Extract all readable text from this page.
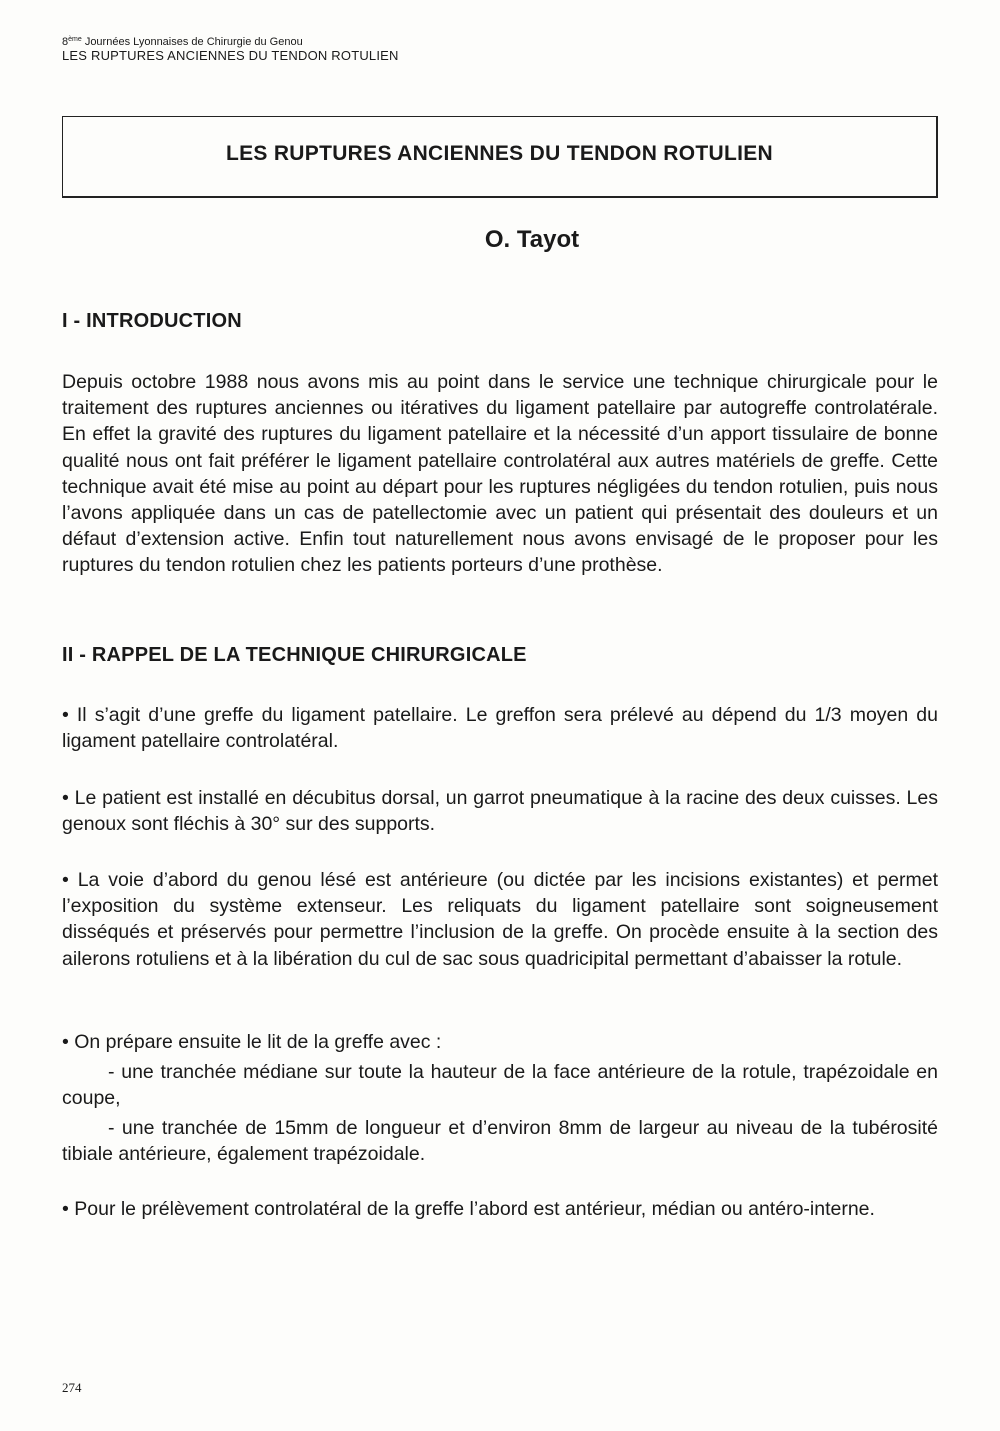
8ème Journées Lyonnaises de Chirurgie du Genou
LES RUPTURES ANCIENNES DU TENDON ROTULIEN
LES RUPTURES ANCIENNES DU TENDON ROTULIEN
O. Tayot
I - INTRODUCTION
Depuis octobre 1988 nous avons mis au point dans le service une technique chirurgicale pour le traitement des ruptures anciennes ou itératives du ligament patellaire par autogreffe controlatérale. En effet la gravité des ruptures du ligament patellaire et la nécessité d’un apport tissulaire de bonne qualité nous ont fait préférer le ligament patellaire controlatéral aux autres matériels de greffe. Cette technique avait été mise au point au départ pour les ruptures négligées du tendon rotulien, puis nous l’avons appliquée dans un cas de patellectomie avec un patient qui présentait des douleurs et un défaut d’extension active. Enfin tout naturellement nous avons envisagé de le proposer pour les ruptures du tendon rotulien chez les patients porteurs d’une prothèse.
II - RAPPEL DE LA TECHNIQUE CHIRURGICALE
• Il s’agit d’une greffe du ligament patellaire. Le greffon sera prélevé au dépend du 1/3 moyen du ligament patellaire controlatéral.
• Le patient est installé en décubitus dorsal, un garrot pneumatique à la racine des deux cuisses. Les genoux sont fléchis à 30° sur des supports.
• La voie d’abord du genou lésé est antérieure (ou dictée par les incisions existantes) et permet l’exposition du système extenseur. Les reliquats du ligament patellaire sont soigneusement disséqués et préservés pour permettre l’inclusion de la greffe. On procède ensuite à la section des ailerons rotuliens et à la libération du cul de sac sous quadricipital permettant d’abaisser la rotule.
• On prépare ensuite le lit de la greffe avec :
- une tranchée médiane sur toute la hauteur de la face antérieure de la rotule, trapézoidale en coupe,
- une tranchée de 15mm de longueur et d’environ 8mm de largeur au niveau de la tubérosité tibiale antérieure, également trapézoidale.
• Pour le prélèvement controlatéral de la greffe l’abord est antérieur, médian ou antéro-interne.
274
